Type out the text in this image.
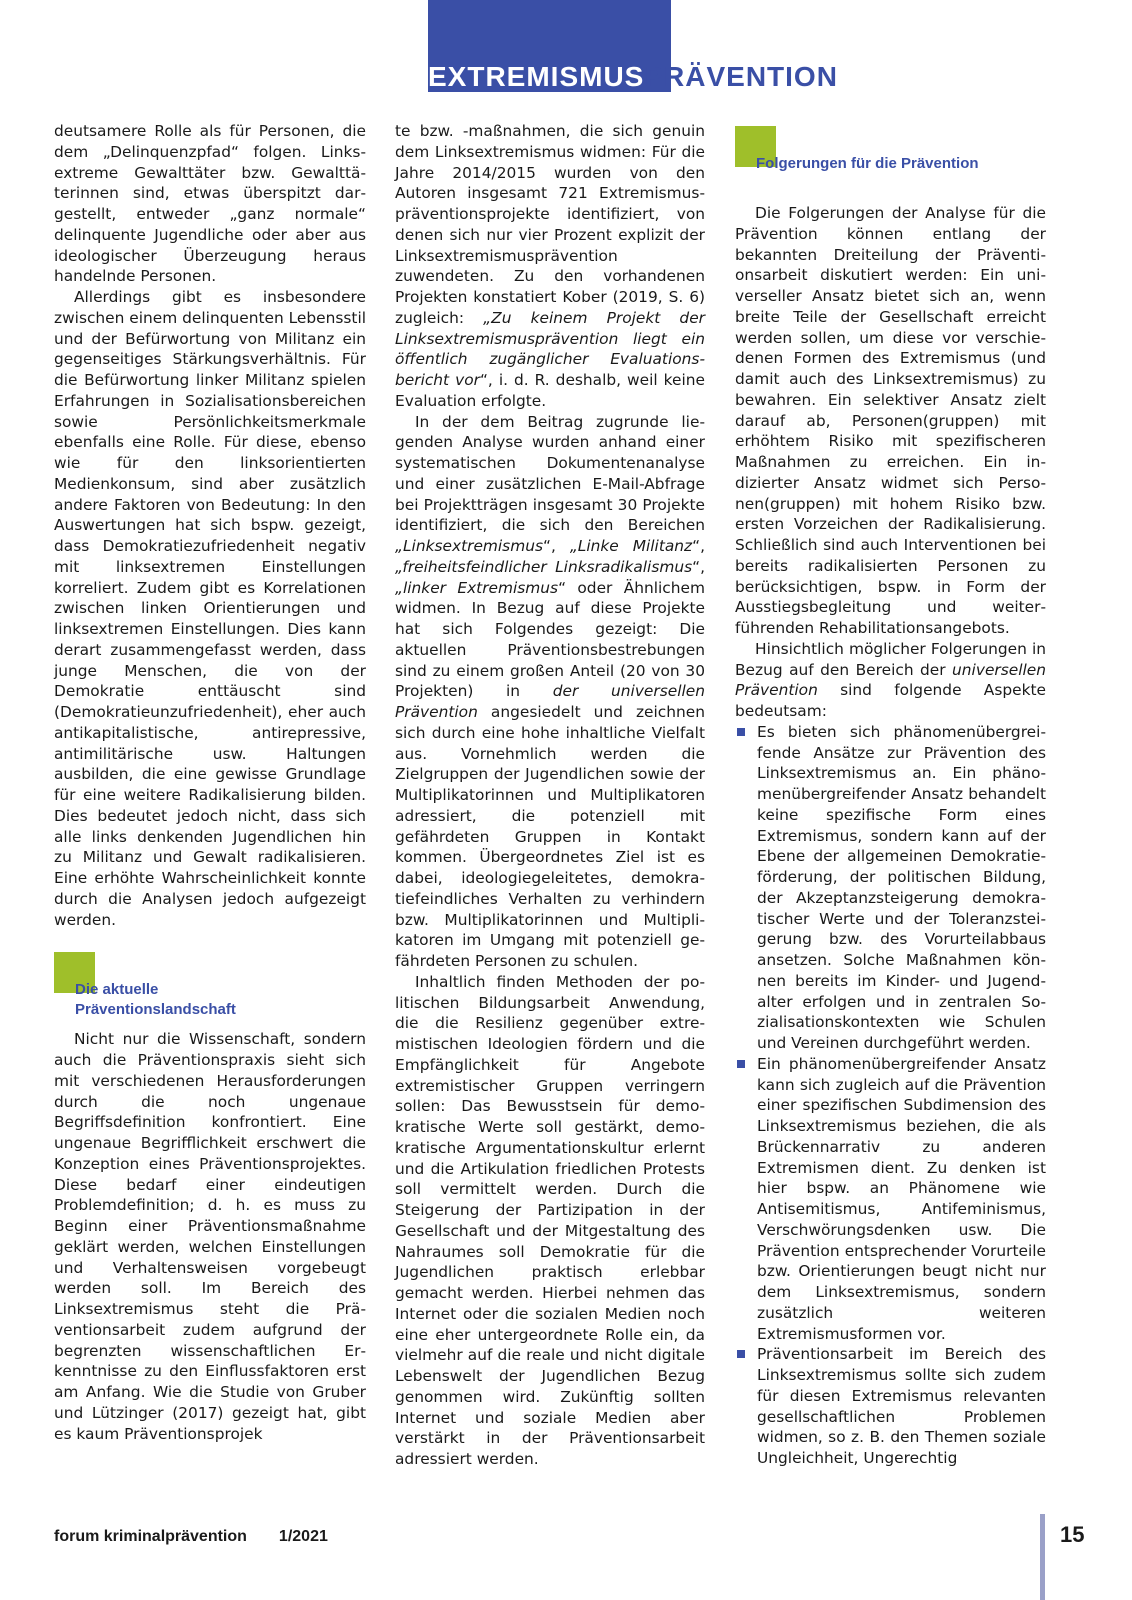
EXTREMISMUSPRÄVENTION

deutsamere Rolle als für Personen, die dem „Delinquenzpfad“ folgen. Linksextreme Gewalttäter bzw. Gewalttäterinnen sind, etwas überspitzt dargestellt, entweder „ganz normale“ delinquente Jugendliche oder aber aus ideologischer Überzeugung heraus handelnde Personen.

Allerdings gibt es insbesondere zwischen einem delinquenten Lebensstil und der Befürwortung von Militanz ein gegenseitiges Stärkungsverhältnis. Für die Befürwortung linker Militanz spielen Erfahrungen in Sozialisationsbereichen sowie Persönlichkeitsmerkmale ebenfalls eine Rolle. Für diese, ebenso wie für den linksorientierten Medienkonsum, sind aber zusätzlich andere Faktoren von Bedeutung: In den Auswertungen hat sich bspw. gezeigt, dass Demokratiezufriedenheit negativ mit linksextremen Einstellungen korreliert. Zudem gibt es Korrelationen zwischen linken Orientierungen und linksextremen Einstellungen. Dies kann derart zusammengefasst werden, dass junge Menschen, die von der Demokratie enttäuscht sind (Demokratieunzufriedenheit), eher auch antikapitalistische, antirepressive, antimilitärische usw. Haltungen ausbilden, die eine gewisse Grundlage für eine weitere Radikalisierung bilden. Dies bedeutet jedoch nicht, dass sich alle links denkenden Jugendlichen hin zu Militanz und Gewalt radikalisieren. Eine erhöhte Wahrscheinlichkeit konnte durch die Analysen jedoch aufgezeigt werden.

Die aktuelle
Präventionslandschaft

Nicht nur die Wissenschaft, sondern auch die Präventionspraxis sieht sich mit verschiedenen Herausforderungen durch die noch ungenaue Begriffsdefinition konfrontiert. Eine ungenaue Begrifflichkeit erschwert die Konzeption eines Präventionsprojektes. Diese bedarf einer eindeutigen Problemdefinition; d. h. es muss zu Beginn einer Präventionsmaßnahme geklärt werden, welchen Einstellungen und Verhaltensweisen vorgebeugt werden soll. Im Bereich des Linksextremismus steht die Präventionsarbeit zudem aufgrund der begrenzten wissenschaftlichen Erkenntnisse zu den Einflussfaktoren erst am Anfang. Wie die Studie von Gruber und Lützinger (2017) gezeigt hat, gibt es kaum Präventionsprojek

te bzw. -maßnahmen, die sich genuin dem Linksextremismus widmen: Für die Jahre 2014/2015 wurden von den Autoren insgesamt 721 Extremismuspräventionsprojekte identifiziert, von denen sich nur vier Prozent explizit der Linksextremismusprävention zuwendeten. Zu den vorhandenen Projekten konstatiert Kober (2019, S. 6) zugleich: „Zu keinem Projekt der Linksextremismusprävention liegt ein öffentlich zugänglicher Evaluationsbericht vor“, i. d. R. deshalb, weil keine Evaluation erfolgte.

In der dem Beitrag zugrunde liegenden Analyse wurden anhand einer systematischen Dokumentenanalyse und einer zusätzlichen E-Mail-Abfrage bei Projektträgen insgesamt 30 Projekte identifiziert, die sich den Bereichen „Linksextremismus“, „Linke Militanz“, „freiheitsfeindlicher Linksradikalismus“, „linker Extremismus“ oder Ähnlichem widmen. In Bezug auf diese Projekte hat sich Folgendes gezeigt: Die aktuellen Präventionsbestrebungen sind zu einem großen Anteil (20 von 30 Projekten) in der universellen Prävention angesiedelt und zeichnen sich durch eine hohe inhaltliche Vielfalt aus. Vornehmlich werden die Zielgruppen der Jugendlichen sowie der Multiplikatorinnen und Multiplikatoren adressiert, die potenziell mit gefährdeten Gruppen in Kontakt kommen. Übergeordnetes Ziel ist es dabei, ideologiegeleitetes, demokratiefeindliches Verhalten zu verhindern bzw. Multiplikatorinnen und Multiplikatoren im Umgang mit potenziell gefährdeten Personen zu schulen.

Inhaltlich finden Methoden der politischen Bildungsarbeit Anwendung, die die Resilienz gegenüber extremistischen Ideologien fördern und die Empfänglichkeit für Angebote extremistischer Gruppen verringern sollen: Das Bewusstsein für demokratische Werte soll gestärkt, demokratische Argumentationskultur erlernt und die Artikulation friedlichen Protests soll vermittelt werden. Durch die Steigerung der Partizipation in der Gesellschaft und der Mitgestaltung des Nahraumes soll Demokratie für die Jugendlichen praktisch erlebbar gemacht werden. Hierbei nehmen das Internet oder die sozialen Medien noch eine eher untergeordnete Rolle ein, da vielmehr auf die reale und nicht digitale Lebenswelt der Jugendlichen Bezug genommen wird. Zukünftig sollten Internet und soziale Medien aber verstärkt in der Präventionsarbeit adressiert werden.

Folgerungen für die Prävention

Die Folgerungen der Analyse für die Prävention können entlang der bekannten Dreiteilung der Präventionsarbeit diskutiert werden: Ein universeller Ansatz bietet sich an, wenn breite Teile der Gesellschaft erreicht werden sollen, um diese vor verschiedenen Formen des Extremismus (und damit auch des Linksextremismus) zu bewahren. Ein selektiver Ansatz zielt darauf ab, Personen(gruppen) mit erhöhtem Risiko mit spezifischeren Maßnahmen zu erreichen. Ein indizierter Ansatz widmet sich Personen(gruppen) mit hohem Risiko bzw. ersten Vorzeichen der Radikalisierung. Schließlich sind auch Interventionen bei bereits radikalisierten Personen zu berücksichtigen, bspw. in Form der Ausstiegsbegleitung und weiterführenden Rehabilitationsangebots.

Hinsichtlich möglicher Folgerungen in Bezug auf den Bereich der universellen Prävention sind folgende Aspekte bedeutsam:

Es bieten sich phänomenübergreifende Ansätze zur Prävention des Linksextremismus an. Ein phänomenübergreifender Ansatz behandelt keine spezifische Form eines Extremismus, sondern kann auf der Ebene der allgemeinen Demokratieförderung, der politischen Bildung, der Akzeptanzsteigerung demokratischer Werte und der Toleranzsteigerung bzw. des Vorurteilabbaus ansetzen. Solche Maßnahmen können bereits im Kinder- und Jugendalter erfolgen und in zentralen Sozialisationskontexten wie Schulen und Vereinen durchgeführt werden.
Ein phänomenübergreifender Ansatz kann sich zugleich auf die Prävention einer spezifischen Subdimension des Linksextremismus beziehen, die als Brückennarrativ zu anderen Extremismen dient. Zu denken ist hier bspw. an Phänomene wie Antisemitismus, Antifeminismus, Verschwörungsdenken usw. Die Prävention entsprechender Vorurteile bzw. Orientierungen beugt nicht nur dem Linksextremismus, sondern zusätzlich weiteren Extremismusformen vor.
Präventionsarbeit im Bereich des Linksextremismus sollte sich zudem für diesen Extremismus relevanten gesellschaftlichen Problemen widmen, so z. B. den Themen soziale Ungleichheit, Ungerechtig
forum kriminalprävention 1/2021	15
